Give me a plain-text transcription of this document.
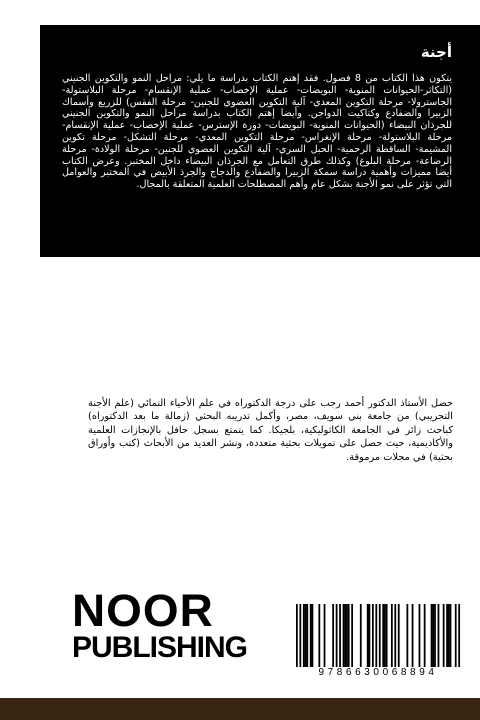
أجنة

يتكون هذا الكتاب من 8 فصول. فقد إهتم الكتاب بدراسة ما يلي: مراحل النمو والتكوين الجنيني (التكاثر-الحيوانات المنوية- البويضات- عملية الإخصاب- عملية الإنقسام- مرحلة البلاستولة- الجاسترولا- مرحلة التكوين المعدي- آلية التكوين العضوي للجنين- مرحلة الفقس) للزريع وأسماك الزبيرا والضفادع وكتاكيت الدواجن. وأيضا إهتم الكتاب بدراسة مراحل النمو والتكوين الجنيني للجرذان البيضاء (الحيوانات المنوية- البويضات- دورة الإسترس- عملية الإخصاب- عملية الإنقسام- مرحلة البلاستولة- مرحلة الإنغراس- مرحلة التكوين المعدي- مرحلة التشكل- مرحلة تكوين المشيمة- الساقطة الرحمية- الحبل السري- آلية التكوين العضوي للجنين- مرحلة الولادة- مرحلة الرضاعة- مرحلة البلوغ) وكذلك طرق التعامل مع الجرذان البيضاء داخل المختبر. وعرض الكتاب أيضا مميزات وأهمية دراسة سمكة الزبيرا والضفادع والدجاج والجرذ الأبيض في المختبر والعوامل التي تؤثر على نمو الأجنة بشكل عام وأهم المصطلحات العلمية المتعلقة بالمجال.

حصل الأستاذ الدكتور أحمد رجب على درجة الدكتوراه في علم الأحياء النمائي (علم الأجنة التجريبي) من جامعة بني سويف، مصر، وأكمل تدريبه البحثي (زمالة ما بعد الدكتوراه) كباحث زائر في الجامعة الكاثوليكية، بلجيكا. كما يتمتع بسجل حافل بالإنجازات العلمية والأكاديمية، حيث حصل على تمويلات بحثية متعددة، ونشر العديد من الأبحاث (كتب وأوراق بحثية) في مجلات مرموقة.

NOOR
PUBLISHING
9786630068894
